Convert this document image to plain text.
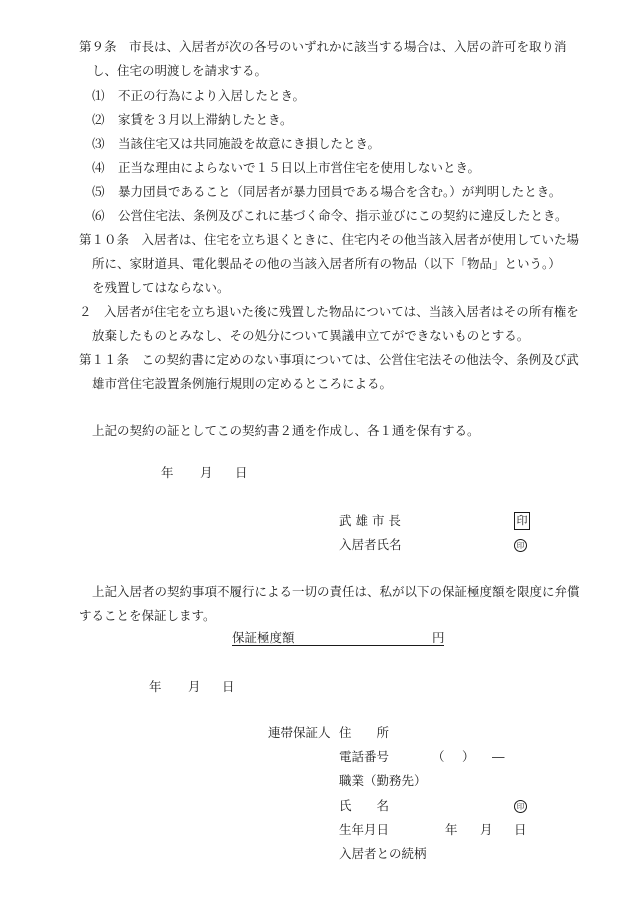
第９条　市長は、入居者が次の各号のいずれかに該当する場合は、入居の許可を取り消
し、住宅の明渡しを請求する。
⑴ 不正の行為により入居したとき。
⑵ 家賃を３月以上滞納したとき。
⑶ 当該住宅又は共同施設を故意にき損したとき。
⑷ 正当な理由によらないで１５日以上市営住宅を使用しないとき。
⑸ 暴力団員であること（同居者が暴力団員である場合を含む。）が判明したとき。
⑹ 公営住宅法、条例及びこれに基づく命令、指示並びにこの契約に違反したとき。
第１０条　入居者は、住宅を立ち退くときに、住宅内その他当該入居者が使用していた場
所に、家財道具、電化製品その他の当該入居者所有の物品（以下「物品」という。）
を残置してはならない。
２　入居者が住宅を立ち退いた後に残置した物品については、当該入居者はその所有権を
放棄したものとみなし、その処分について異議申立てができないものとする。
第１１条　この契約書に定めのない事項については、公営住宅法その他法令、条例及び武
雄市営住宅設置条例施行規則の定めるところによる。
上記の契約の証としてこの契約書２通を作成し、各１通を保有する。
年 月 日
武 雄 市 長	印
入居者氏名	印
上記入居者の契約事項不履行による一切の責任は、私が以下の保証極度額を限度に弁償
することを保証します。
保証極度額	円
年 月 日
連帯保証人 住　　所
電話番号	（ ） ―
職業（勤務先）
氏　　名	印
生年月日	年 月 日
入居者との続柄
